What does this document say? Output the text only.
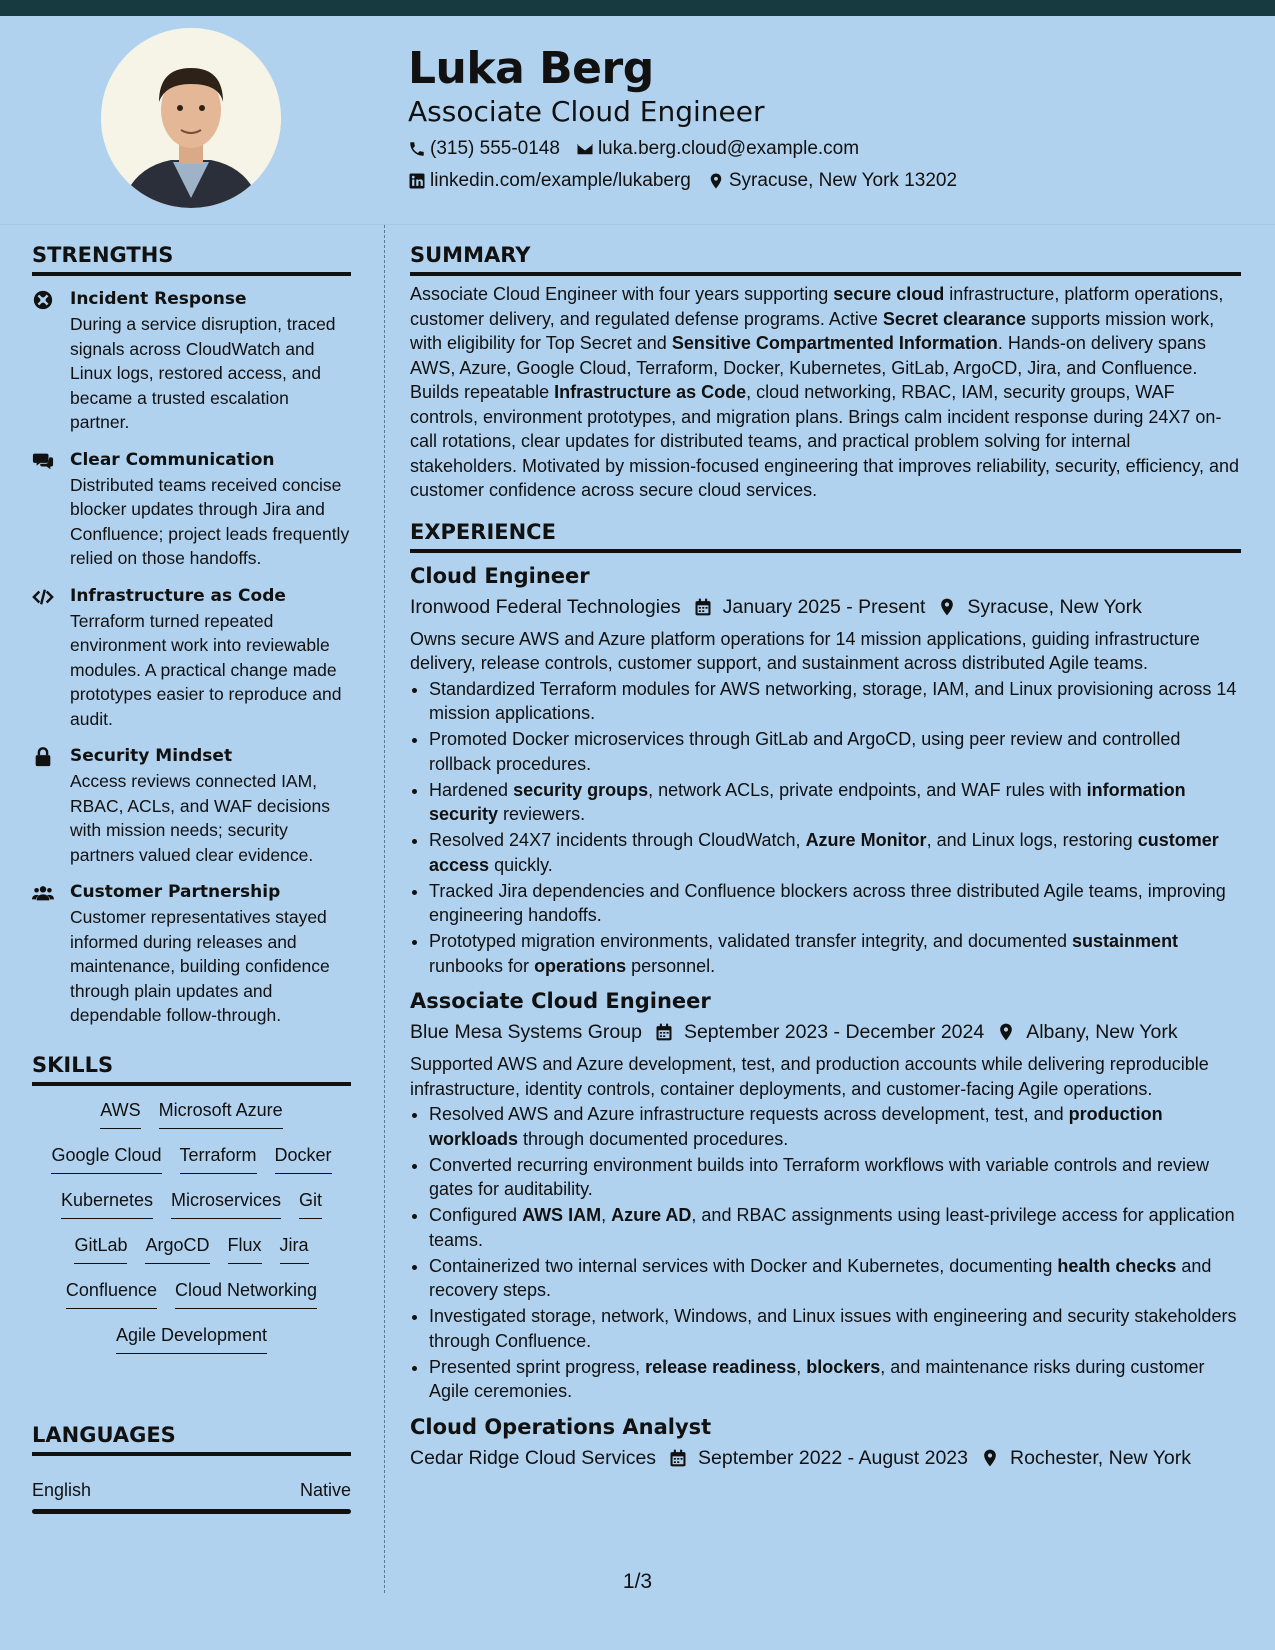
Luka Berg
Associate Cloud Engineer
(315) 555-0148 luka.berg.cloud@example.com
linkedin.com/example/lukaberg Syracuse, New York 13202
STRENGTHS
Incident Response
During a service disruption, traced signals across CloudWatch and Linux logs, restored access, and became a trusted escalation partner.
Clear Communication
Distributed teams received concise blocker updates through Jira and Confluence; project leads frequently relied on those handoffs.
Infrastructure as Code
Terraform turned repeated environment work into reviewable modules. A practical change made prototypes easier to reproduce and audit.
Security Mindset
Access reviews connected IAM, RBAC, ACLs, and WAF decisions with mission needs; security partners valued clear evidence.
Customer Partnership
Customer representatives stayed informed during releases and maintenance, building confidence through plain updates and dependable follow-through.
SKILLS
AWS Microsoft Azure
Google Cloud Terraform Docker
Kubernetes Microservices Git
GitLab ArgoCD Flux Jira
Confluence Cloud Networking
Agile Development
LANGUAGES
English	Native
SUMMARY
Associate Cloud Engineer with four years supporting secure cloud infrastructure, platform operations, customer delivery, and regulated defense programs. Active Secret clearance supports mission work, with eligibility for Top Secret and Sensitive Compartmented Information. Hands-on delivery spans AWS, Azure, Google Cloud, Terraform, Docker, Kubernetes, GitLab, ArgoCD, Jira, and Confluence. Builds repeatable Infrastructure as Code, cloud networking, RBAC, IAM, security groups, WAF controls, environment prototypes, and migration plans. Brings calm incident response during 24X7 on-call rotations, clear updates for distributed teams, and practical problem solving for internal stakeholders. Motivated by mission-focused engineering that improves reliability, security, efficiency, and customer confidence across secure cloud services.
EXPERIENCE
Cloud Engineer
Ironwood Federal Technologies January 2025 - Present Syracuse, New York
Owns secure AWS and Azure platform operations for 14 mission applications, guiding infrastructure delivery, release controls, customer support, and sustainment across distributed Agile teams.
• Standardized Terraform modules for AWS networking, storage, IAM, and Linux provisioning across 14 mission applications.
• Promoted Docker microservices through GitLab and ArgoCD, using peer review and controlled rollback procedures.
• Hardened security groups, network ACLs, private endpoints, and WAF rules with information security reviewers.
• Resolved 24X7 incidents through CloudWatch, Azure Monitor, and Linux logs, restoring customer access quickly.
• Tracked Jira dependencies and Confluence blockers across three distributed Agile teams, improving engineering handoffs.
• Prototyped migration environments, validated transfer integrity, and documented sustainment runbooks for operations personnel.
Associate Cloud Engineer
Blue Mesa Systems Group September 2023 - December 2024 Albany, New York
Supported AWS and Azure development, test, and production accounts while delivering reproducible infrastructure, identity controls, container deployments, and customer-facing Agile operations.
• Resolved AWS and Azure infrastructure requests across development, test, and production workloads through documented procedures.
• Converted recurring environment builds into Terraform workflows with variable controls and review gates for auditability.
• Configured AWS IAM, Azure AD, and RBAC assignments using least-privilege access for application teams.
• Containerized two internal services with Docker and Kubernetes, documenting health checks and recovery steps.
• Investigated storage, network, Windows, and Linux issues with engineering and security stakeholders through Confluence.
• Presented sprint progress, release readiness, blockers, and maintenance risks during customer Agile ceremonies.
Cloud Operations Analyst
Cedar Ridge Cloud Services September 2022 - August 2023 Rochester, New York
1/3
